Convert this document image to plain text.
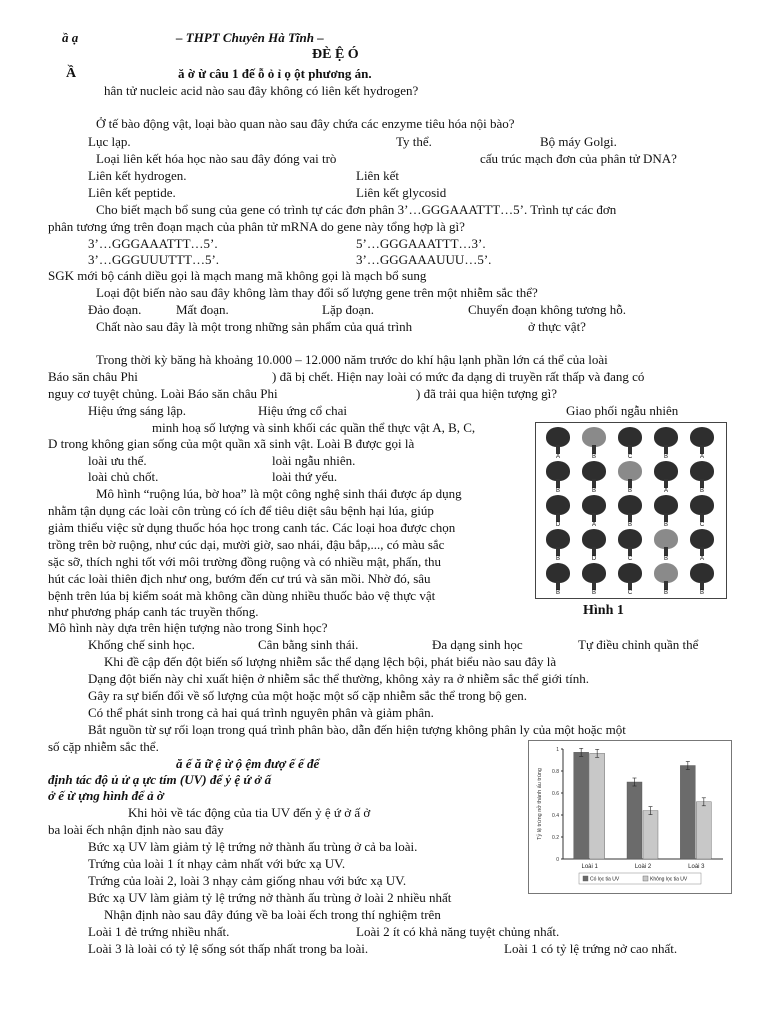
ầ ạ	– THPT Chuyên Hà Tĩnh –
ĐÈ Ệ Ó
Ầ	ă ờ ừ câu 1 đế ỗ ỏ ỉ ọ ột phương án.
hân tử nucleic acid nào sau đây không có liên kết hydrogen?
Ở tế bào động vật, loại bào quan nào sau đây chứa các enzyme tiêu hóa nội bào?
Lục lạp.	Ty thể.	Bộ máy Golgi.
Loại liên kết hóa học nào sau đây đóng vai trò	cấu trúc mạch đơn của phân tử DNA?
Liên kết hydrogen.	Liên kết
Liên kết peptide.	Liên kết glycosid
Cho biết mạch bổ sung của gene có trình tự các đơn phân 3’…GGGAAATTT…5’. Trình tự các đơn
phân tương ứng trên đoạn mạch của phân tử mRNA do gene này tổng hợp là gì?
3’…GGGAAATTT…5’.	5’…GGGAAATTT…3’.
3’…GGGUUUTTT…5’.	3’…GGGAAAUUU…5’.
SGK mới bộ cánh diều gọi là mạch mang mã không gọi là mạch bổ sung
Loại đột biến nào sau đây không làm thay đổi số lượng gene trên một nhiễm sắc thể?
Đảo đoạn.	Mất đoạn.	Lặp đoạn.	Chuyển đoạn không tương hỗ.
Chất nào sau đây là một trong những sản phẩm của quá trình	ở thực vật?
Trong thời kỳ băng hà khoảng 10.000 – 12.000 năm trước do khí hậu lạnh phần lớn cá thể của loài
Báo săn châu Phi	) đã bị chết. Hiện nay loài có mức đa dạng di truyền rất thấp và đang có
nguy cơ tuyệt chủng. Loài Báo săn châu Phi	) đã trải qua hiện tượng gì?
Hiệu ứng sáng lập.	Hiệu ứng cổ chai	Giao phối ngẫu nhiên
minh hoạ số lượng và sinh khối các quần thể thực vật A, B, C,
D trong không gian sống của một quần xã sinh vật. Loài B được gọi là
loài ưu thế.	loài ngẫu nhiên.
loài chủ chốt.	loài thứ yếu.
Mô hình “ruộng lúa, bờ hoa” là một công nghệ sinh thái được áp dụng
nhằm tận dụng các loài côn trùng có ích để tiêu diệt sâu bệnh hại lúa, giúp
giảm thiểu việc sử dụng thuốc hóa học trong canh tác. Các loại hoa được chọn
trồng trên bờ ruộng, như cúc dại, mười giờ, sao nhái, đậu bắp,..., có màu sắc
sặc sỡ, thích nghi tốt với môi trường đồng ruộng và có nhiều mật, phấn, thu
hút các loài thiên địch như ong, bướm đến cư trú và săn mồi. Nhờ đó, sâu
bệnh trên lúa bị kiểm soát mà không cần dùng nhiều thuốc bảo vệ thực vật
như phương pháp canh tác truyền thống.
Mô hình này dựa trên hiện tượng nào trong Sinh học?
Khống chế sinh học.	Cân bằng sinh thái.	Đa dạng sinh học	Tự điều chỉnh quần thể
Khi đề cập đến đột biến số lượng nhiễm sắc thể dạng lệch bội, phát biểu nào sau đây là
Dạng đột biến này chỉ xuất hiện ở nhiễm sắc thể thường, không xảy ra ở nhiễm sắc thể giới tính.
Gây ra sự biến đổi về số lượng của một hoặc một số cặp nhiễm sắc thể trong bộ gen.
Có thể phát sinh trong cả hai quá trình nguyên phân và giảm phân.
Bắt nguồn từ sự rối loạn trong quá trình phân bào, dẫn đến hiện tượng không phân ly của một hoặc một
số cặp nhiễm sắc thể.
ă ế ă ữ ệ ừ ộ ệm đượ ế ế để
định tác độ ủ ử ạ ực tím (UV) để ỷ ệ ứ ở ấ
ở ế ừ ựng hình để ả ờ
Khi hỏi về tác động của tia UV đến ỷ ệ ứ ở ấ ở
ba loài ếch nhận định nào sau đây
Bức xạ UV làm giảm tỷ lệ trứng nở thành ấu trùng ở cả ba loài.
Trứng của loài 1 ít nhạy cảm nhất với bức xạ UV.
Trứng của loài 2, loài 3 nhạy cảm giống nhau với bức xạ UV.
Bức xạ UV làm giảm tỷ lệ trứng nở thành ấu trùng ở loài 2 nhiều nhất
Nhận định nào sau đây đúng về ba loài ếch trong thí nghiệm trên
Loài 1 đẻ trứng nhiều nhất.	Loài 2 ít có khả năng tuyệt chủng nhất.
Loài 3 là loài có tỷ lệ sống sót thấp nhất trong ba loài.	Loài 1 có tỷ lệ trứng nở cao nhất.
A	B	C	B	A
B	B	B	A	B
D	A	B	B	C
B	D	C	B	A
B	B	C	B	B
Hình 1
0
0.2
0.4
0.6
0.8
1
Tỷ lệ trứng nở thành ấu trùng
Loài 1	Loài 2	Loài 3
Có lọc tia UV	Không lọc tia UV
